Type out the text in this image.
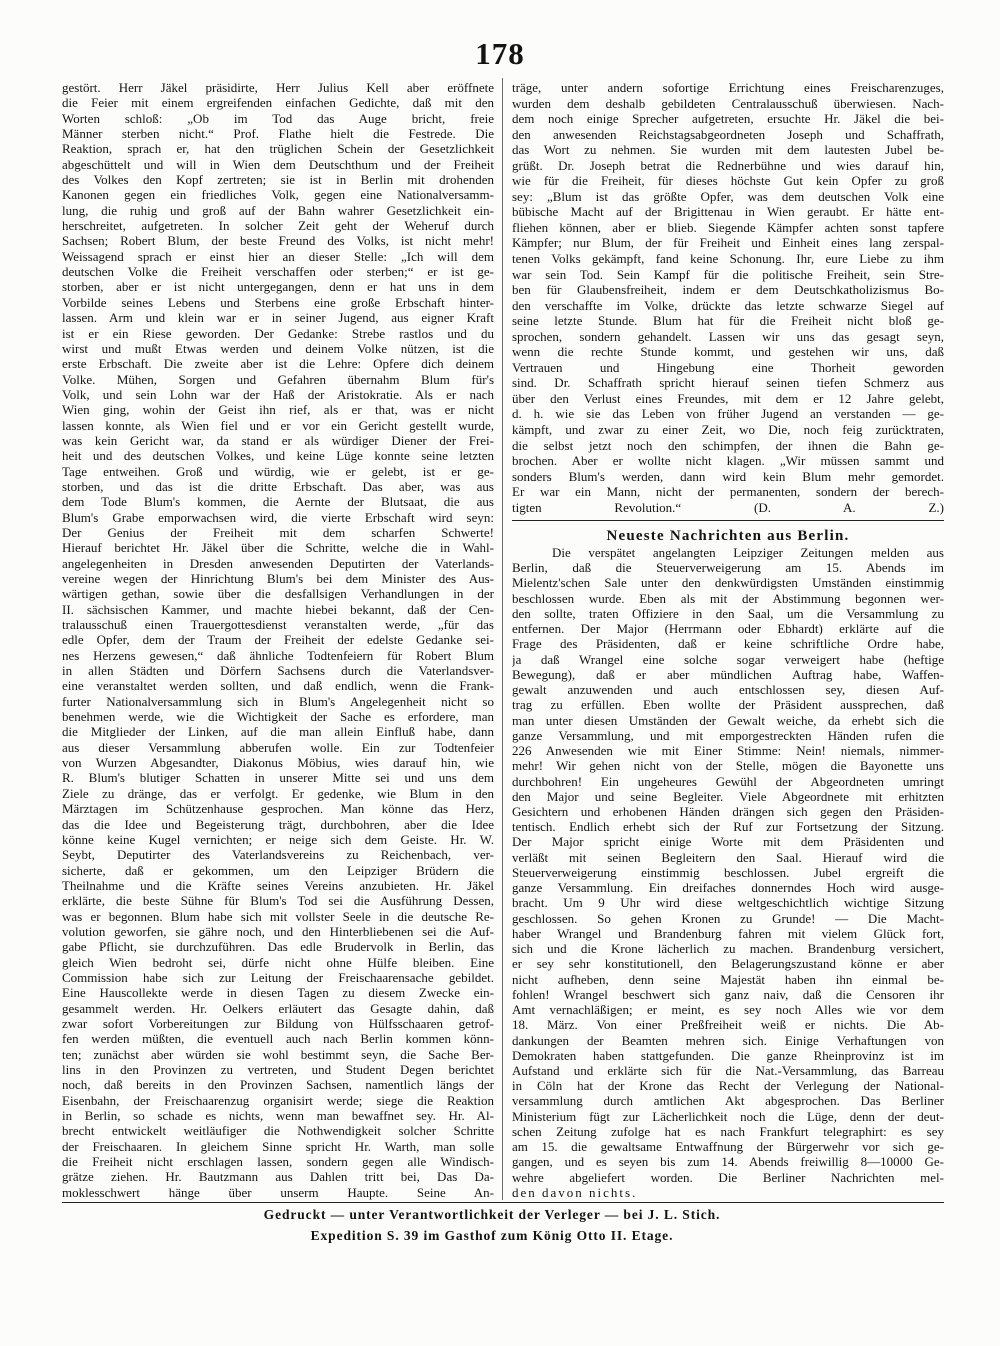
178
gestört. Herr Jäkel präsidirte, Herr Julius Kell aber eröffnete
die Feier mit einem ergreifenden einfachen Gedichte, daß mit den
Worten schloß: „Ob im Tod das Auge bricht, freie
Männer sterben nicht.“ Prof. Flathe hielt die Festrede. Die
Reaktion, sprach er, hat den trüglichen Schein der Gesetzlichkeit
abgeschüttelt und will in Wien dem Deutschthum und der Freiheit
des Volkes den Kopf zertreten; sie ist in Berlin mit drohenden
Kanonen gegen ein friedliches Volk, gegen eine Nationalversamm-
lung, die ruhig und groß auf der Bahn wahrer Gesetzlichkeit ein-
herschreitet, aufgetreten. In solcher Zeit geht der Weheruf durch
Sachsen; Robert Blum, der beste Freund des Volks, ist nicht mehr!
Weissagend sprach er einst hier an dieser Stelle: „Ich will dem
deutschen Volke die Freiheit verschaffen oder sterben;“ er ist ge-
storben, aber er ist nicht untergegangen, denn er hat uns in dem
Vorbilde seines Lebens und Sterbens eine große Erbschaft hinter-
lassen. Arm und klein war er in seiner Jugend, aus eigner Kraft
ist er ein Riese geworden. Der Gedanke: Strebe rastlos und du
wirst und mußt Etwas werden und deinem Volke nützen, ist die
erste Erbschaft. Die zweite aber ist die Lehre: Opfere dich deinem
Volke. Mühen, Sorgen und Gefahren übernahm Blum für's
Volk, und sein Lohn war der Haß der Aristokratie. Als er nach
Wien ging, wohin der Geist ihn rief, als er that, was er nicht
lassen konnte, als Wien fiel und er vor ein Gericht gestellt wurde,
was kein Gericht war, da stand er als würdiger Diener der Frei-
heit und des deutschen Volkes, und keine Lüge konnte seine letzten
Tage entweihen. Groß und würdig, wie er gelebt, ist er ge-
storben, und das ist die dritte Erbschaft. Das aber, was aus
dem Tode Blum's kommen, die Aernte der Blutsaat, die aus
Blum's Grabe emporwachsen wird, die vierte Erbschaft wird seyn:
Der Genius der Freiheit mit dem scharfen Schwerte!
Hierauf berichtet Hr. Jäkel über die Schritte, welche die in Wahl-
angelegenheiten in Dresden anwesenden Deputirten der Vaterlands-
vereine wegen der Hinrichtung Blum's bei dem Minister des Aus-
wärtigen gethan, sowie über die desfallsigen Verhandlungen in der
II. sächsischen Kammer, und machte hiebei bekannt, daß der Cen-
tralausschuß einen Trauergottesdienst veranstalten werde, „für das
edle Opfer, dem der Traum der Freiheit der edelste Gedanke sei-
nes Herzens gewesen,“ daß ähnliche Todtenfeiern für Robert Blum
in allen Städten und Dörfern Sachsens durch die Vaterlandsver-
eine veranstaltet werden sollten, und daß endlich, wenn die Frank-
furter Nationalversammlung sich in Blum's Angelegenheit nicht so
benehmen werde, wie die Wichtigkeit der Sache es erfordere, man
die Mitglieder der Linken, auf die man allein Einfluß habe, dann
aus dieser Versammlung abberufen wolle. Ein zur Todtenfeier
von Wurzen Abgesandter, Diakonus Möbius, wies darauf hin, wie
R. Blum's blutiger Schatten in unserer Mitte sei und uns dem
Ziele zu dränge, das er verfolgt. Er gedenke, wie Blum in den
Märztagen im Schützenhause gesprochen. Man könne das Herz,
das die Idee und Begeisterung trägt, durchbohren, aber die Idee
könne keine Kugel vernichten; er neige sich dem Geiste. Hr. W.
Seybt, Deputirter des Vaterlandsvereins zu Reichenbach, ver-
sicherte, daß er gekommen, um den Leipziger Brüdern die
Theilnahme und die Kräfte seines Vereins anzubieten. Hr. Jäkel
erklärte, die beste Sühne für Blum's Tod sei die Ausführung Dessen,
was er begonnen. Blum habe sich mit vollster Seele in die deutsche Re-
volution geworfen, sie gähre noch, und den Hinterbliebenen sei die Auf-
gabe Pflicht, sie durchzuführen. Das edle Brudervolk in Berlin, das
gleich Wien bedroht sei, dürfe nicht ohne Hülfe bleiben. Eine
Commission habe sich zur Leitung der Freischaarensache gebildet.
Eine Hauscollekte werde in diesen Tagen zu diesem Zwecke ein-
gesammelt werden. Hr. Oelkers erläutert das Gesagte dahin, daß
zwar sofort Vorbereitungen zur Bildung von Hülfsschaaren getrof-
fen werden müßten, die eventuell auch nach Berlin kommen könn-
ten; zunächst aber würden sie wohl bestimmt seyn, die Sache Ber-
lins in den Provinzen zu vertreten, und Student Degen berichtet
noch, daß bereits in den Provinzen Sachsen, namentlich längs der
Eisenbahn, der Freischaarenzug organisirt werde; siege die Reaktion
in Berlin, so schade es nichts, wenn man bewaffnet sey. Hr. Al-
brecht entwickelt weitläufiger die Nothwendigkeit solcher Schritte
der Freischaaren. In gleichem Sinne spricht Hr. Warth, man solle
die Freiheit nicht erschlagen lassen, sondern gegen alle Windisch-
grätze ziehen. Hr. Bautzmann aus Dahlen tritt bei, Das Da-
moklesschwert hänge über unserm Haupte. Seine An-
träge, unter andern sofortige Errichtung eines Freischarenzuges,
wurden dem deshalb gebildeten Centralausschuß überwiesen. Nach-
dem noch einige Sprecher aufgetreten, ersuchte Hr. Jäkel die bei-
den anwesenden Reichstagsabgeordneten Joseph und Schaffrath,
das Wort zu nehmen. Sie wurden mit dem lautesten Jubel be-
grüßt. Dr. Joseph betrat die Rednerbühne und wies darauf hin,
wie für die Freiheit, für dieses höchste Gut kein Opfer zu groß
sey: „Blum ist das größte Opfer, was dem deutschen Volk eine
bübische Macht auf der Brigittenau in Wien geraubt. Er hätte ent-
fliehen können, aber er blieb. Siegende Kämpfer achten sonst tapfere
Kämpfer; nur Blum, der für Freiheit und Einheit eines lang zerspal-
tenen Volks gekämpft, fand keine Schonung. Ihr, eure Liebe zu ihm
war sein Tod. Sein Kampf für die politische Freiheit, sein Stre-
ben für Glaubensfreiheit, indem er dem Deutschkatholizismus Bo-
den verschaffte im Volke, drückte das letzte schwarze Siegel auf
seine letzte Stunde. Blum hat für die Freiheit nicht bloß ge-
sprochen, sondern gehandelt. Lassen wir uns das gesagt seyn,
wenn die rechte Stunde kommt, und gestehen wir uns, daß
Vertrauen und Hingebung eine Thorheit geworden
sind. Dr. Schaffrath spricht hierauf seinen tiefen Schmerz aus
über den Verlust eines Freundes, mit dem er 12 Jahre gelebt,
d. h. wie sie das Leben von früher Jugend an verstanden — ge-
kämpft, und zwar zu einer Zeit, wo Die, noch feig zurücktraten,
die selbst jetzt noch den schimpfen, der ihnen die Bahn ge-
brochen. Aber er wollte nicht klagen. „Wir müssen sammt und
sonders Blum's werden, dann wird kein Blum mehr gemordet.
Er war ein Mann, nicht der permanenten, sondern der berech-
tigten Revolution.“ (D. A. Z.)
Neueste Nachrichten aus Berlin.
Die verspätet angelangten Leipziger Zeitungen melden aus
Berlin, daß die Steuerverweigerung am 15. Abends im
Mielentz'schen Sale unter den denkwürdigsten Umständen einstimmig
beschlossen wurde. Eben als mit der Abstimmung begonnen wer-
den sollte, traten Offiziere in den Saal, um die Versammlung zu
entfernen. Der Major (Herrmann oder Ebhardt) erklärte auf die
Frage des Präsidenten, daß er keine schriftliche Ordre habe,
ja daß Wrangel eine solche sogar verweigert habe (heftige
Bewegung), daß er aber mündlichen Auftrag habe, Waffen-
gewalt anzuwenden und auch entschlossen sey, diesen Auf-
trag zu erfüllen. Eben wollte der Präsident aussprechen, daß
man unter diesen Umständen der Gewalt weiche, da erhebt sich die
ganze Versammlung, und mit emporgestreckten Händen rufen die
226 Anwesenden wie mit Einer Stimme: Nein! niemals, nimmer-
mehr! Wir gehen nicht von der Stelle, mögen die Bayonette uns
durchbohren! Ein ungeheures Gewühl der Abgeordneten umringt
den Major und seine Begleiter. Viele Abgeordnete mit erhitzten
Gesichtern und erhobenen Händen drängen sich gegen den Präsiden-
tentisch. Endlich erhebt sich der Ruf zur Fortsetzung der Sitzung.
Der Major spricht einige Worte mit dem Präsidenten und
verläßt mit seinen Begleitern den Saal. Hierauf wird die
Steuerverweigerung einstimmig beschlossen. Jubel ergreift die
ganze Versammlung. Ein dreifaches donnerndes Hoch wird ausge-
bracht. Um 9 Uhr wird diese weltgeschichtlich wichtige Sitzung
geschlossen. So gehen Kronen zu Grunde! — Die Macht-
haber Wrangel und Brandenburg fahren mit vielem Glück fort,
sich und die Krone lächerlich zu machen. Brandenburg versichert,
er sey sehr konstitutionell, den Belagerungszustand könne er aber
nicht aufheben, denn seine Majestät haben ihn einmal be-
fohlen! Wrangel beschwert sich ganz naiv, daß die Censoren ihr
Amt vernachläßigen; er meint, es sey noch Alles wie vor dem
18. März. Von einer Preßfreiheit weiß er nichts. Die Ab-
dankungen der Beamten mehren sich. Einige Verhaftungen von
Demokraten haben stattgefunden. Die ganze Rheinprovinz ist im
Aufstand und erklärte sich für die Nat.-Versammlung, das Barreau
in Cöln hat der Krone das Recht der Verlegung der National-
versammlung durch amtlichen Akt abgesprochen. Das Berliner
Ministerium fügt zur Lächerlichkeit noch die Lüge, denn der deut-
schen Zeitung zufolge hat es nach Frankfurt telegraphirt: es sey
am 15. die gewaltsame Entwaffnung der Bürgerwehr vor sich ge-
gangen, und es seyen bis zum 14. Abends freiwillig 8—10000 Ge-
wehre abgeliefert worden. Die Berliner Nachrichten mel-
den davon nichts.
Gedruckt — unter Verantwortlichkeit der Verleger — bei J. L. Stich.
Expedition S. 39 im Gasthof zum König Otto II. Etage.
